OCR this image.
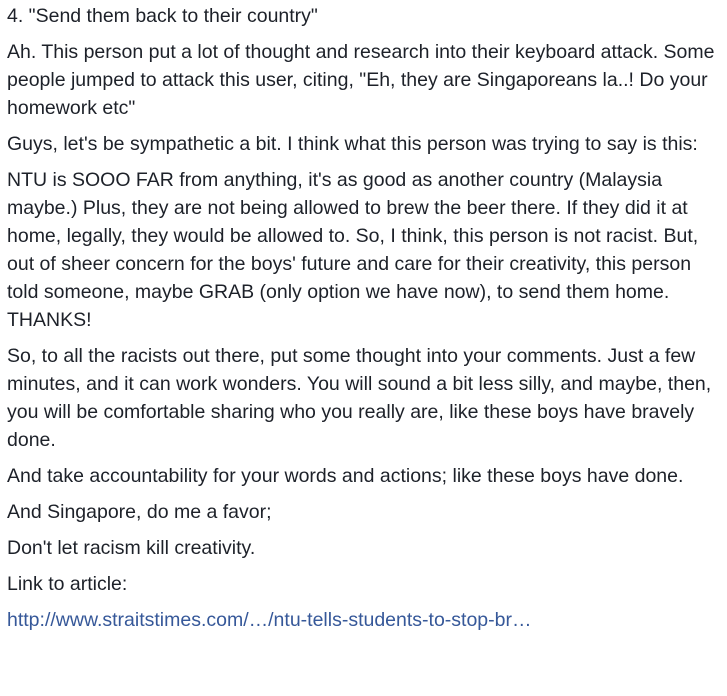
4. "Send them back to their country"

Ah. This person put a lot of thought and research into their keyboard attack. Some people jumped to attack this user, citing, "Eh, they are Singaporeans la..! Do your homework etc"

Guys, let's be sympathetic a bit. I think what this person was trying to say is this:

NTU is SOOO FAR from anything, it's as good as another country (Malaysia maybe.) Plus, they are not being allowed to brew the beer there. If they did it at home, legally, they would be allowed to. So, I think, this person is not racist. But, out of sheer concern for the boys' future and care for their creativity, this person told someone, maybe GRAB (only option we have now), to send them home. THANKS!

So, to all the racists out there, put some thought into your comments. Just a few minutes, and it can work wonders. You will sound a bit less silly, and maybe, then, you will be comfortable sharing who you really are, like these boys have bravely done.

And take accountability for your words and actions; like these boys have done.

And Singapore, do me a favor;

Don't let racism kill creativity.

Link to article:

http://www.straitstimes.com/…/ntu-tells-students-to-stop-br…
